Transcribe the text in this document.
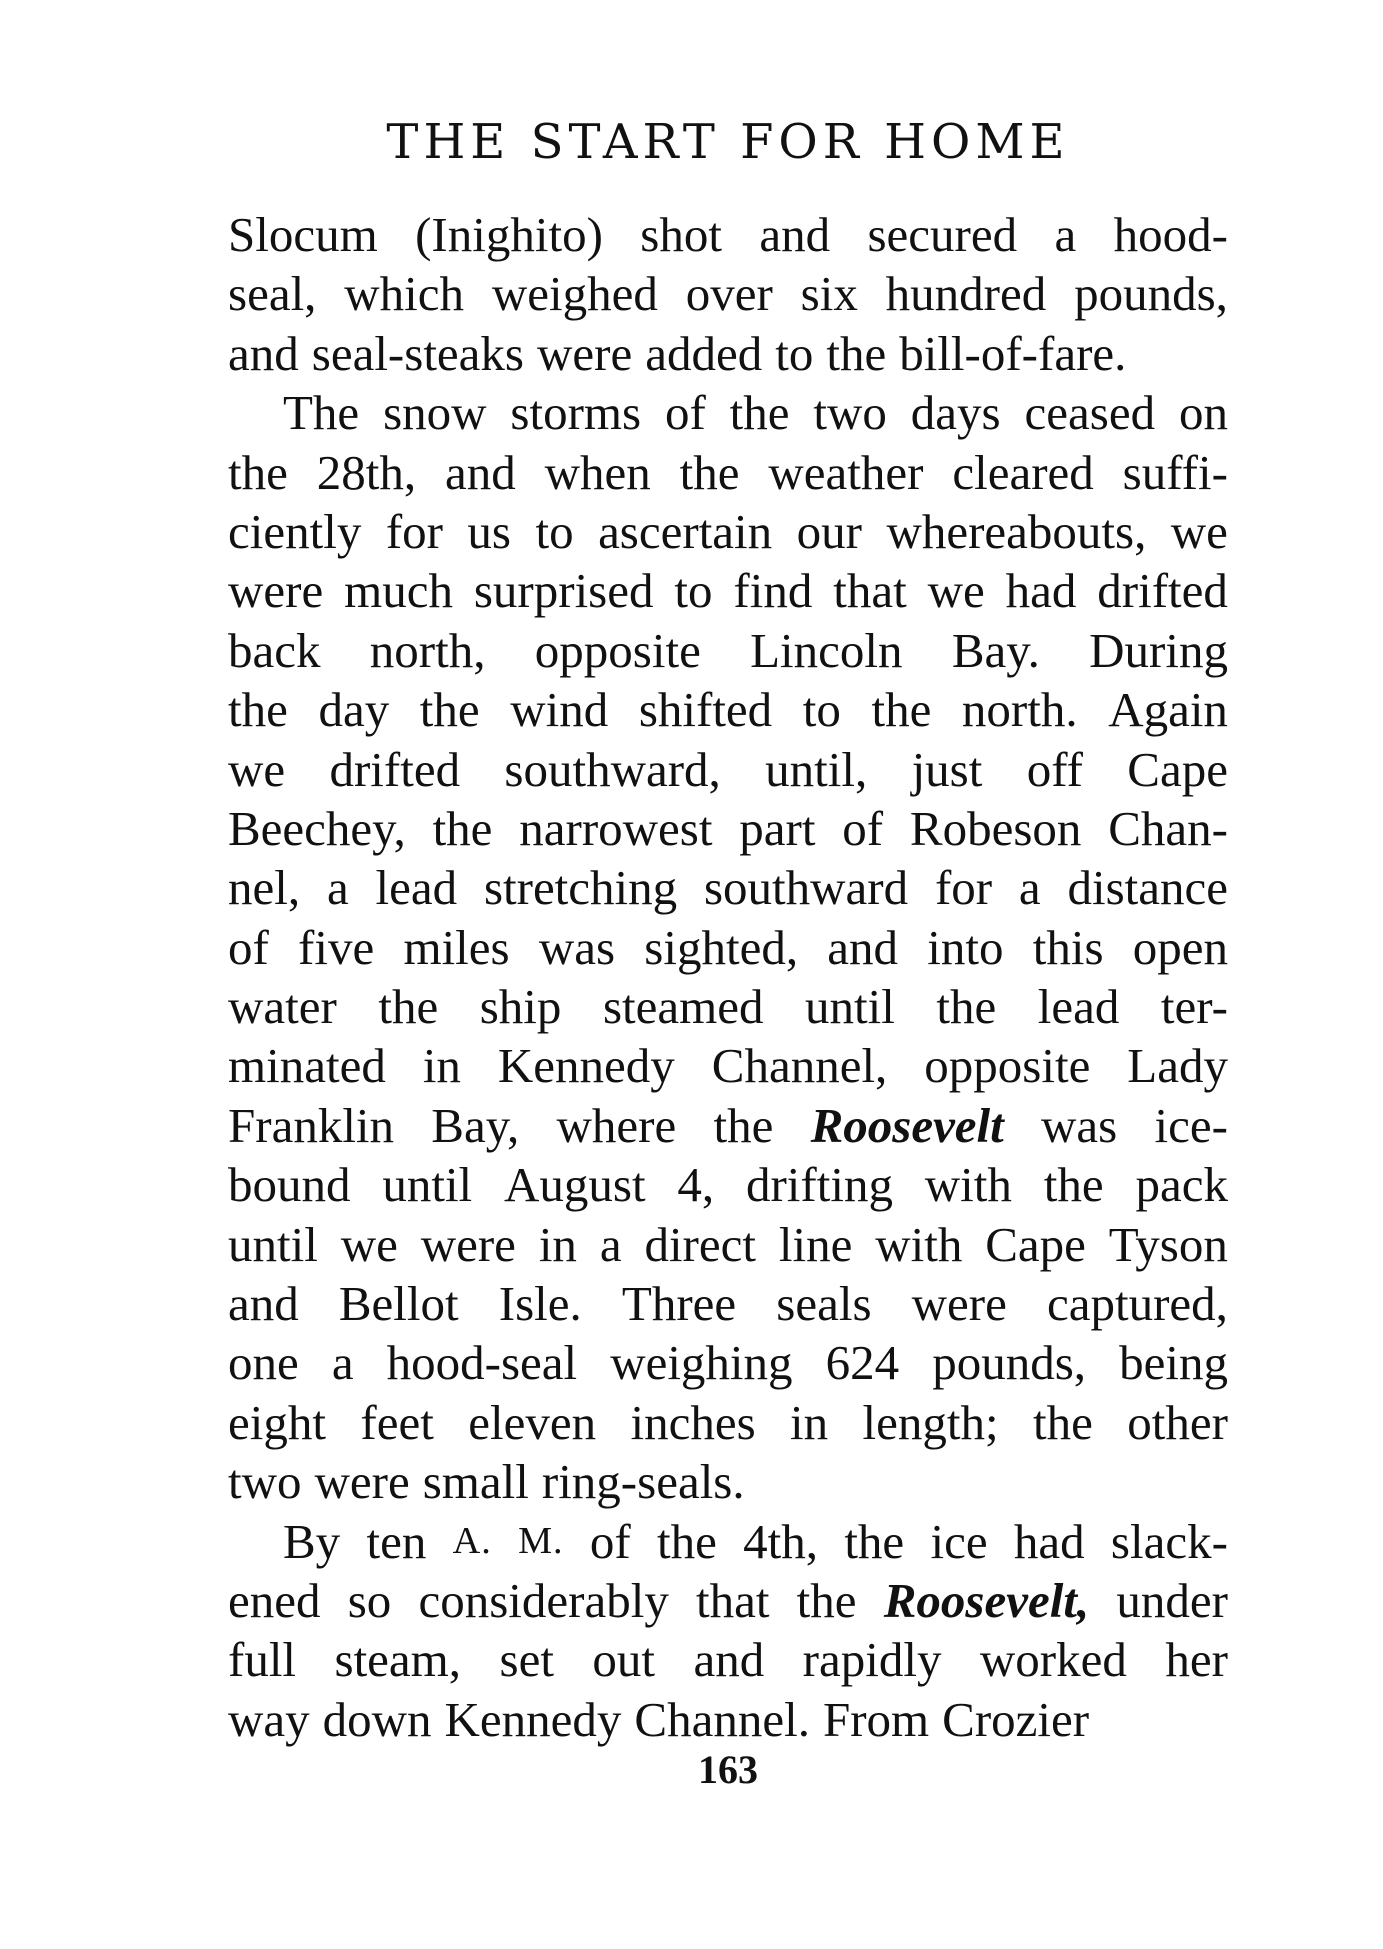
THE START FOR HOME
Slocum (Inighito) shot and secured a hood-
seal, which weighed over six hundred pounds,
and seal-steaks were added to the bill-of-fare.
The snow storms of the two days ceased on
the 28th, and when the weather cleared suffi-
ciently for us to ascertain our whereabouts, we
were much surprised to find that we had drifted
back north, opposite Lincoln Bay. During
the day the wind shifted to the north. Again
we drifted southward, until, just off Cape
Beechey, the narrowest part of Robeson Chan-
nel, a lead stretching southward for a distance
of five miles was sighted, and into this open
water the ship steamed until the lead ter-
minated in Kennedy Channel, opposite Lady
Franklin Bay, where the Roosevelt was ice-
bound until August 4, drifting with the pack
until we were in a direct line with Cape Tyson
and Bellot Isle. Three seals were captured,
one a hood-seal weighing 624 pounds, being
eight feet eleven inches in length; the other
two were small ring-seals.
By ten A. M. of the 4th, the ice had slack-
ened so considerably that the Roosevelt, under
full steam, set out and rapidly worked her
way down Kennedy Channel. From Crozier
163
